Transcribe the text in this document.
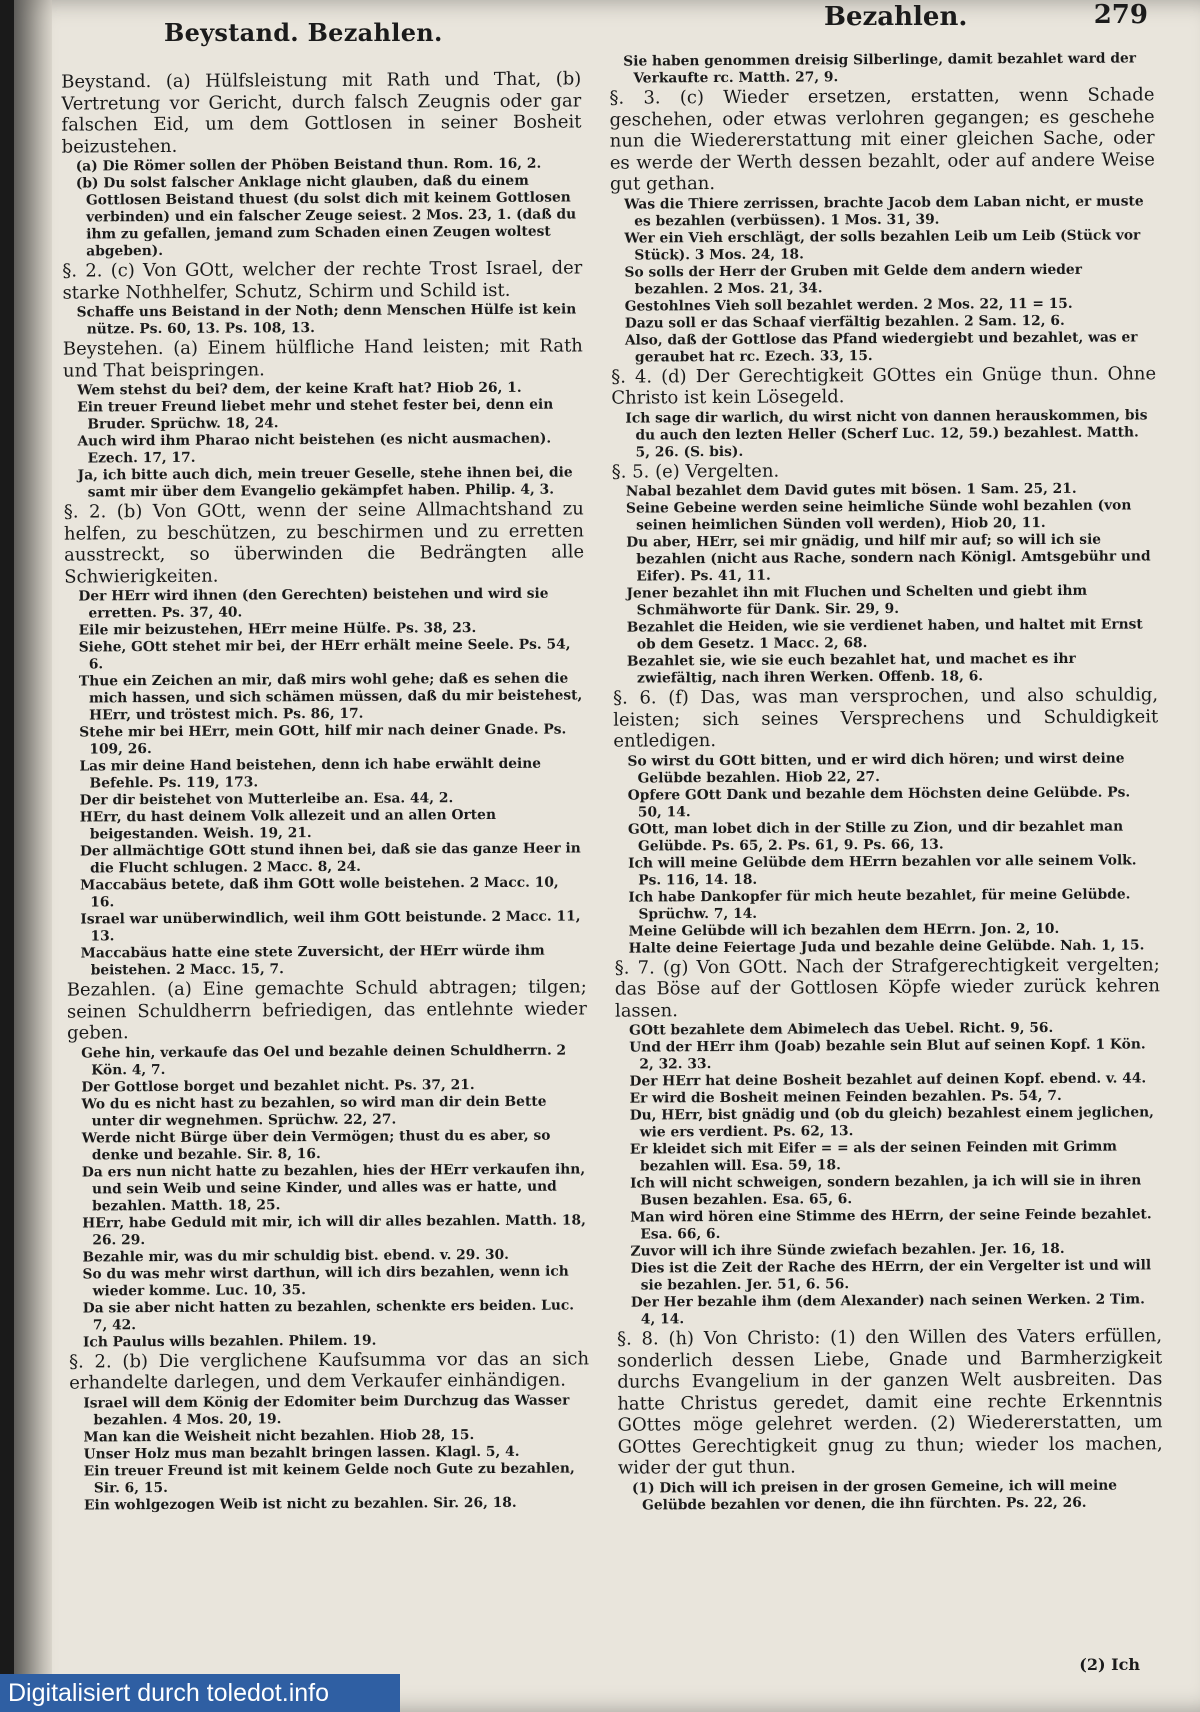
Beystand. Bezahlen.
Bezahlen.	279
Beystand. (a) Hülfsleistung mit Rath und That, (b) Vertretung vor Gericht, durch falsch Zeugnis oder gar falschen Eid, um dem Gottlosen in seiner Bosheit beizustehen.
(a) Die Römer sollen der Phöben Beistand thun. Rom. 16, 2.
(b) Du solst falscher Anklage nicht glauben, daß du einem Gottlosen Beistand thuest (du solst dich mit keinem Gottlosen verbinden) und ein falscher Zeuge seiest. 2 Mos. 23, 1. (daß du ihm zu gefallen, jemand zum Schaden einen Zeugen woltest abgeben).
§. 2. (c) Von GOtt, welcher der rechte Trost Israel, der starke Nothhelfer, Schutz, Schirm und Schild ist.
Schaffe uns Beistand in der Noth; denn Menschen Hülfe ist kein nütze. Ps. 60, 13. Ps. 108, 13.
Beystehen. (a) Einem hülfliche Hand leisten; mit Rath und That beispringen.
Wem stehst du bei? dem, der keine Kraft hat? Hiob 26, 1.
Ein treuer Freund liebet mehr und stehet fester bei, denn ein Bruder. Sprüchw. 18, 24.
Auch wird ihm Pharao nicht beistehen (es nicht ausmachen). Ezech. 17, 17.
Ja, ich bitte auch dich, mein treuer Geselle, stehe ihnen bei, die samt mir über dem Evangelio gekämpfet haben. Philip. 4, 3.
§. 2. (b) Von GOtt, wenn der seine Allmachtshand zu helfen, zu beschützen, zu beschirmen und zu erretten ausstreckt, so überwinden die Bedrängten alle Schwierigkeiten.
Der HErr wird ihnen (den Gerechten) beistehen und wird sie erretten. Ps. 37, 40.
Eile mir beizustehen, HErr meine Hülfe. Ps. 38, 23.
Siehe, GOtt stehet mir bei, der HErr erhält meine Seele. Ps. 54, 6.
Thue ein Zeichen an mir, daß mirs wohl gehe; daß es sehen die mich hassen, und sich schämen müssen, daß du mir beistehest, HErr, und tröstest mich. Ps. 86, 17.
Stehe mir bei HErr, mein GOtt, hilf mir nach deiner Gnade. Ps. 109, 26.
Las mir deine Hand beistehen, denn ich habe erwählt deine Befehle. Ps. 119, 173.
Der dir beistehet von Mutterleibe an. Esa. 44, 2.
HErr, du hast deinem Volk allezeit und an allen Orten beigestanden. Weish. 19, 21.
Der allmächtige GOtt stund ihnen bei, daß sie das ganze Heer in die Flucht schlugen. 2 Macc. 8, 24.
Maccabäus betete, daß ihm GOtt wolle beistehen. 2 Macc. 10, 16.
Israel war unüberwindlich, weil ihm GOtt beistunde. 2 Macc. 11, 13.
Maccabäus hatte eine stete Zuversicht, der HErr würde ihm beistehen. 2 Macc. 15, 7.
Bezahlen. (a) Eine gemachte Schuld abtragen; tilgen; seinen Schuldherrn befriedigen, das entlehnte wieder geben.
Gehe hin, verkaufe das Oel und bezahle deinen Schuldherrn. 2 Kön. 4, 7.
Der Gottlose borget und bezahlet nicht. Ps. 37, 21.
Wo du es nicht hast zu bezahlen, so wird man dir dein Bette unter dir wegnehmen. Sprüchw. 22, 27.
Werde nicht Bürge über dein Vermögen; thust du es aber, so denke und bezahle. Sir. 8, 16.
Da ers nun nicht hatte zu bezahlen, hies der HErr verkaufen ihn, und sein Weib und seine Kinder, und alles was er hatte, und bezahlen. Matth. 18, 25.
HErr, habe Geduld mit mir, ich will dir alles bezahlen. Matth. 18, 26. 29.
Bezahle mir, was du mir schuldig bist. ebend. v. 29. 30.
So du was mehr wirst darthun, will ich dirs bezahlen, wenn ich wieder komme. Luc. 10, 35.
Da sie aber nicht hatten zu bezahlen, schenkte ers beiden. Luc. 7, 42.
Ich Paulus wills bezahlen. Philem. 19.
§. 2. (b) Die verglichene Kaufsumma vor das an sich erhandelte darlegen, und dem Verkaufer einhändigen.
Israel will dem König der Edomiter beim Durchzug das Wasser bezahlen. 4 Mos. 20, 19.
Man kan die Weisheit nicht bezahlen. Hiob 28, 15.
Unser Holz mus man bezahlt bringen lassen. Klagl. 5, 4.
Ein treuer Freund ist mit keinem Gelde noch Gute zu bezahlen, Sir. 6, 15.
Ein wohlgezogen Weib ist nicht zu bezahlen. Sir. 26, 18.
Sie haben genommen dreisig Silberlinge, damit bezahlet ward der Verkaufte rc. Matth. 27, 9.
§. 3. (c) Wieder ersetzen, erstatten, wenn Schade geschehen, oder etwas verlohren gegangen; es geschehe nun die Wiedererstattung mit einer gleichen Sache, oder es werde der Werth dessen bezahlt, oder auf andere Weise gut gethan.
Was die Thiere zerrissen, brachte Jacob dem Laban nicht, er muste es bezahlen (verbüssen). 1 Mos. 31, 39.
Wer ein Vieh erschlägt, der solls bezahlen Leib um Leib (Stück vor Stück). 3 Mos. 24, 18.
So solls der Herr der Gruben mit Gelde dem andern wieder bezahlen. 2 Mos. 21, 34.
Gestohlnes Vieh soll bezahlet werden. 2 Mos. 22, 11 = 15.
Dazu soll er das Schaaf vierfältig bezahlen. 2 Sam. 12, 6.
Also, daß der Gottlose das Pfand wiedergiebt und bezahlet, was er geraubet hat rc. Ezech. 33, 15.
§. 4. (d) Der Gerechtigkeit GOttes ein Gnüge thun. Ohne Christo ist kein Lösegeld.
Ich sage dir warlich, du wirst nicht von dannen herauskommen, bis du auch den lezten Heller (Scherf Luc. 12, 59.) bezahlest. Matth. 5, 26. (S. bis).
§. 5. (e) Vergelten.
Nabal bezahlet dem David gutes mit bösen. 1 Sam. 25, 21.
Seine Gebeine werden seine heimliche Sünde wohl bezahlen (von seinen heimlichen Sünden voll werden), Hiob 20, 11.
Du aber, HErr, sei mir gnädig, und hilf mir auf; so will ich sie bezahlen (nicht aus Rache, sondern nach Königl. Amtsgebühr und Eifer). Ps. 41, 11.
Jener bezahlet ihn mit Fluchen und Schelten und giebt ihm Schmähworte für Dank. Sir. 29, 9.
Bezahlet die Heiden, wie sie verdienet haben, und haltet mit Ernst ob dem Gesetz. 1 Macc. 2, 68.
Bezahlet sie, wie sie euch bezahlet hat, und machet es ihr zwiefältig, nach ihren Werken. Offenb. 18, 6.
§. 6. (f) Das, was man versprochen, und also schuldig, leisten; sich seines Versprechens und Schuldigkeit entledigen.
So wirst du GOtt bitten, und er wird dich hören; und wirst deine Gelübde bezahlen. Hiob 22, 27.
Opfere GOtt Dank und bezahle dem Höchsten deine Gelübde. Ps. 50, 14.
GOtt, man lobet dich in der Stille zu Zion, und dir bezahlet man Gelübde. Ps. 65, 2. Ps. 61, 9. Ps. 66, 13.
Ich will meine Gelübde dem HErrn bezahlen vor alle seinem Volk. Ps. 116, 14. 18.
Ich habe Dankopfer für mich heute bezahlet, für meine Gelübde. Sprüchw. 7, 14.
Meine Gelübde will ich bezahlen dem HErrn. Jon. 2, 10.
Halte deine Feiertage Juda und bezahle deine Gelübde. Nah. 1, 15.
§. 7. (g) Von GOtt. Nach der Strafgerechtigkeit vergelten; das Böse auf der Gottlosen Köpfe wieder zurück kehren lassen.
GOtt bezahlete dem Abimelech das Uebel. Richt. 9, 56.
Und der HErr ihm (Joab) bezahle sein Blut auf seinen Kopf. 1 Kön. 2, 32. 33.
Der HErr hat deine Bosheit bezahlet auf deinen Kopf. ebend. v. 44.
Er wird die Bosheit meinen Feinden bezahlen. Ps. 54, 7.
Du, HErr, bist gnädig und (ob du gleich) bezahlest einem jeglichen, wie ers verdient. Ps. 62, 13.
Er kleidet sich mit Eifer = = als der seinen Feinden mit Grimm bezahlen will. Esa. 59, 18.
Ich will nicht schweigen, sondern bezahlen, ja ich will sie in ihren Busen bezahlen. Esa. 65, 6.
Man wird hören eine Stimme des HErrn, der seine Feinde bezahlet. Esa. 66, 6.
Zuvor will ich ihre Sünde zwiefach bezahlen. Jer. 16, 18.
Dies ist die Zeit der Rache des HErrn, der ein Vergelter ist und will sie bezahlen. Jer. 51, 6. 56.
Der Her bezahle ihm (dem Alexander) nach seinen Werken. 2 Tim. 4, 14.
§. 8. (h) Von Christo: (1) den Willen des Vaters erfüllen, sonderlich dessen Liebe, Gnade und Barmherzigkeit durchs Evangelium in der ganzen Welt ausbreiten. Das hatte Christus geredet, damit eine rechte Erkenntnis GOttes möge gelehret werden. (2) Wiedererstatten, um GOttes Gerechtigkeit gnug zu thun; wieder los machen, wider der gut thun.
(1) Dich will ich preisen in der grosen Gemeine, ich will meine Gelübde bezahlen vor denen, die ihn fürchten. Ps. 22, 26.
(2) Ich
Digitalisiert durch toledot.info
